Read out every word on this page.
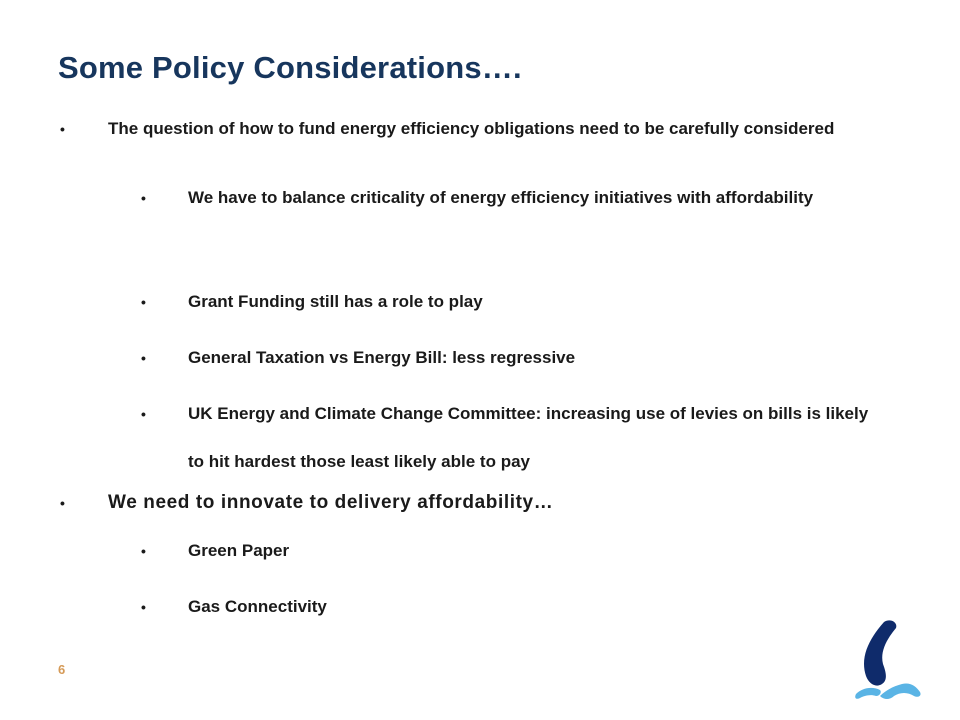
Some Policy Considerations….
•	The question of how to fund energy efficiency obligations need to be carefully considered
• We have to balance criticality of energy efficiency initiatives with affordability
• Grant Funding still has a role to play
• General Taxation vs Energy Bill: less regressive
• UK Energy and Climate Change Committee: increasing use of levies on bills is likely to hit hardest those least likely able to pay
• We need to innovate to delivery affordability…
• Green Paper
• Gas Connectivity
6
